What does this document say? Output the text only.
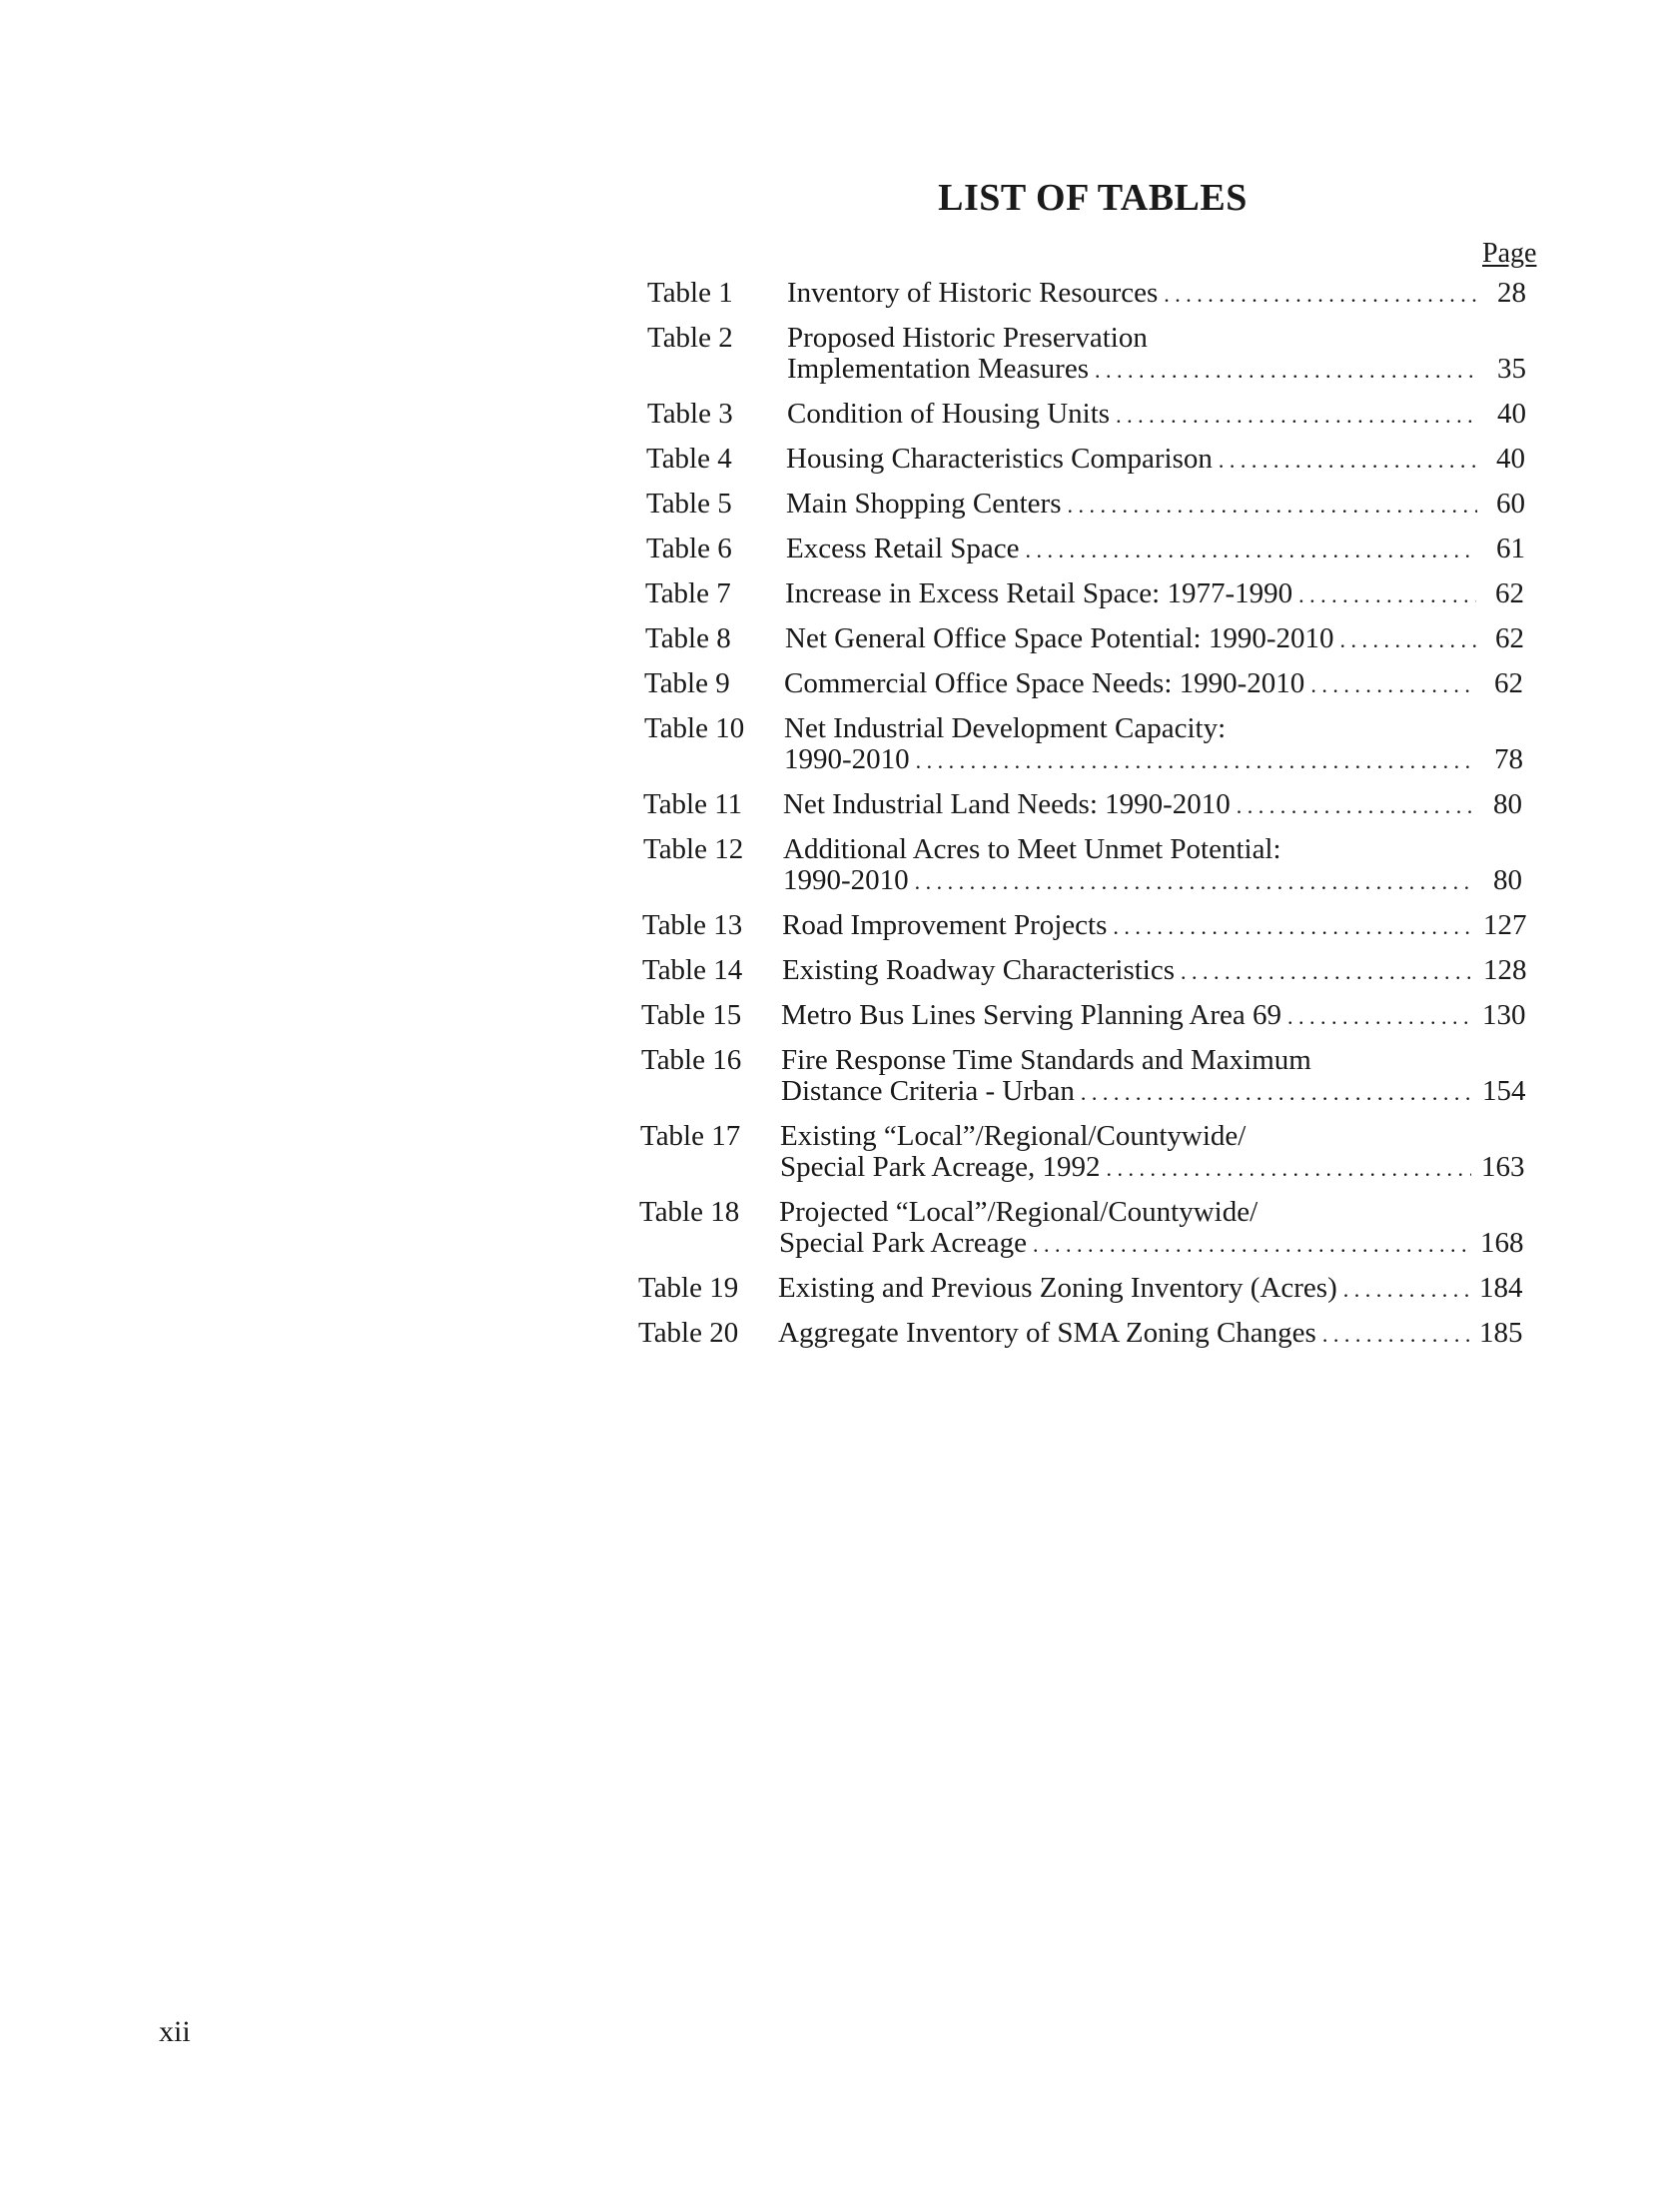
LIST OF TABLES
Page
Table 1 Inventory of Historic Resources . . .	28
Table 2 Proposed Historic Preservation
Implementation Measures . . .	35
Table 3 Condition of Housing Units . . .	40
Table 4 Housing Characteristics Comparison . . .	40
Table 5 Main Shopping Centers . . .	60
Table 6 Excess Retail Space . . .	61
Table 7 Increase in Excess Retail Space: 1977-1990 . . .	62
Table 8 Net General Office Space Potential: 1990-2010 . . .	62
Table 9 Commercial Office Space Needs: 1990-2010 . . .	62
Table 10 Net Industrial Development Capacity:
1990-2010 . . .	78
Table 11 Net Industrial Land Needs: 1990-2010 . . .	80
Table 12 Additional Acres to Meet Unmet Potential:
1990-2010 . . .	80
Table 13 Road Improvement Projects . . .	127
Table 14 Existing Roadway Characteristics . . .	128
Table 15 Metro Bus Lines Serving Planning Area 69 . . .	130
Table 16 Fire Response Time Standards and Maximum
Distance Criteria - Urban . . .	154
Table 17 Existing “Local”/Regional/Countywide/
Special Park Acreage, 1992 . . .	163
Table 18 Projected “Local”/Regional/Countywide/
Special Park Acreage . . .	168
Table 19 Existing and Previous Zoning Inventory (Acres) . . .	184
Table 20 Aggregate Inventory of SMA Zoning Changes . . .	185
xii
